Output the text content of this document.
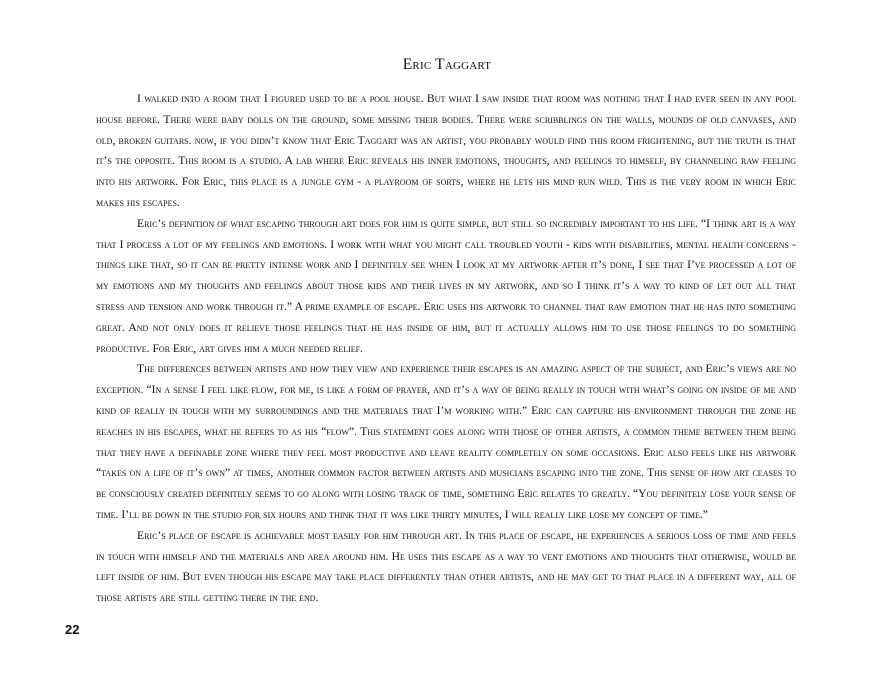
Eric Taggart

I walked into a room that I figured used to be a pool house. But what I saw inside that room was nothing that I had ever seen in any pool house before. There were baby dolls on the ground, some missing their bodies. There were scribblings on the walls, mounds of old canvases, and old, broken guitars. now, if you didn’t know that Eric Taggart was an artist, you probably would find this room frightening, but the truth is that it’s the opposite. This room is a studio. A lab where Eric reveals his inner emotions, thoughts, and feelings to himself, by channeling raw feeling into his artwork. For Eric, this place is a jungle gym - a playroom of sorts, where he lets his mind run wild. This is the very room in which Eric makes his escapes.

Eric’s definition of what escaping through art does for him is quite simple, but still so incredibly important to his life. “I think art is a way that I process a lot of my feelings and emotions. I work with what you might call troubled youth - kids with disabilities, mental health concerns - things like that, so it can be pretty intense work and I definitely see when I look at my artwork after it’s done, I see that I’ve processed a lot of my emotions and my thoughts and feelings about those kids and their lives in my artwork, and so I think it’s a way to kind of let out all that stress and tension and work through it.” A prime example of escape. Eric uses his artwork to channel that raw emotion that he has into something great. And not only does it relieve those feelings that he has inside of him, but it actually allows him to use those feelings to do something productive. For Eric, art gives him a much needed relief.

The differences between artists and how they view and experience their escapes is an amazing aspect of the subject, and Eric’s views are no exception. “In a sense I feel like flow, for me, is like a form of prayer, and it’s a way of being really in touch with what’s going on inside of me and kind of really in touch with my surroundings and the materials that I’m working with.” Eric can capture his environment through the zone he reaches in his escapes, what he refers to as his “flow”. This statement goes along with those of other artists, a common theme between them being that they have a definable zone where they feel most productive and leave reality completely on some occasions. Eric also feels like his artwork “takes on a life of it’s own” at times, another common factor between artists and musicians escaping into the zone. This sense of how art ceases to be consciously created definitely seems to go along with losing track of time, something Eric relates to greatly. “You definitely lose your sense of time. I’ll be down in the studio for six hours and think that it was like thirty minutes, I will really like lose my concept of time.”

Eric’s place of escape is achievable most easily for him through art. In this place of escape, he experiences a serious loss of time and feels in touch with himself and the materials and area around him. He uses this escape as a way to vent emotions and thoughts that otherwise, would be left inside of him. But even though his escape may take place differently than other artists, and he may get to that place in a different way, all of those artists are still getting there in the end.

22
